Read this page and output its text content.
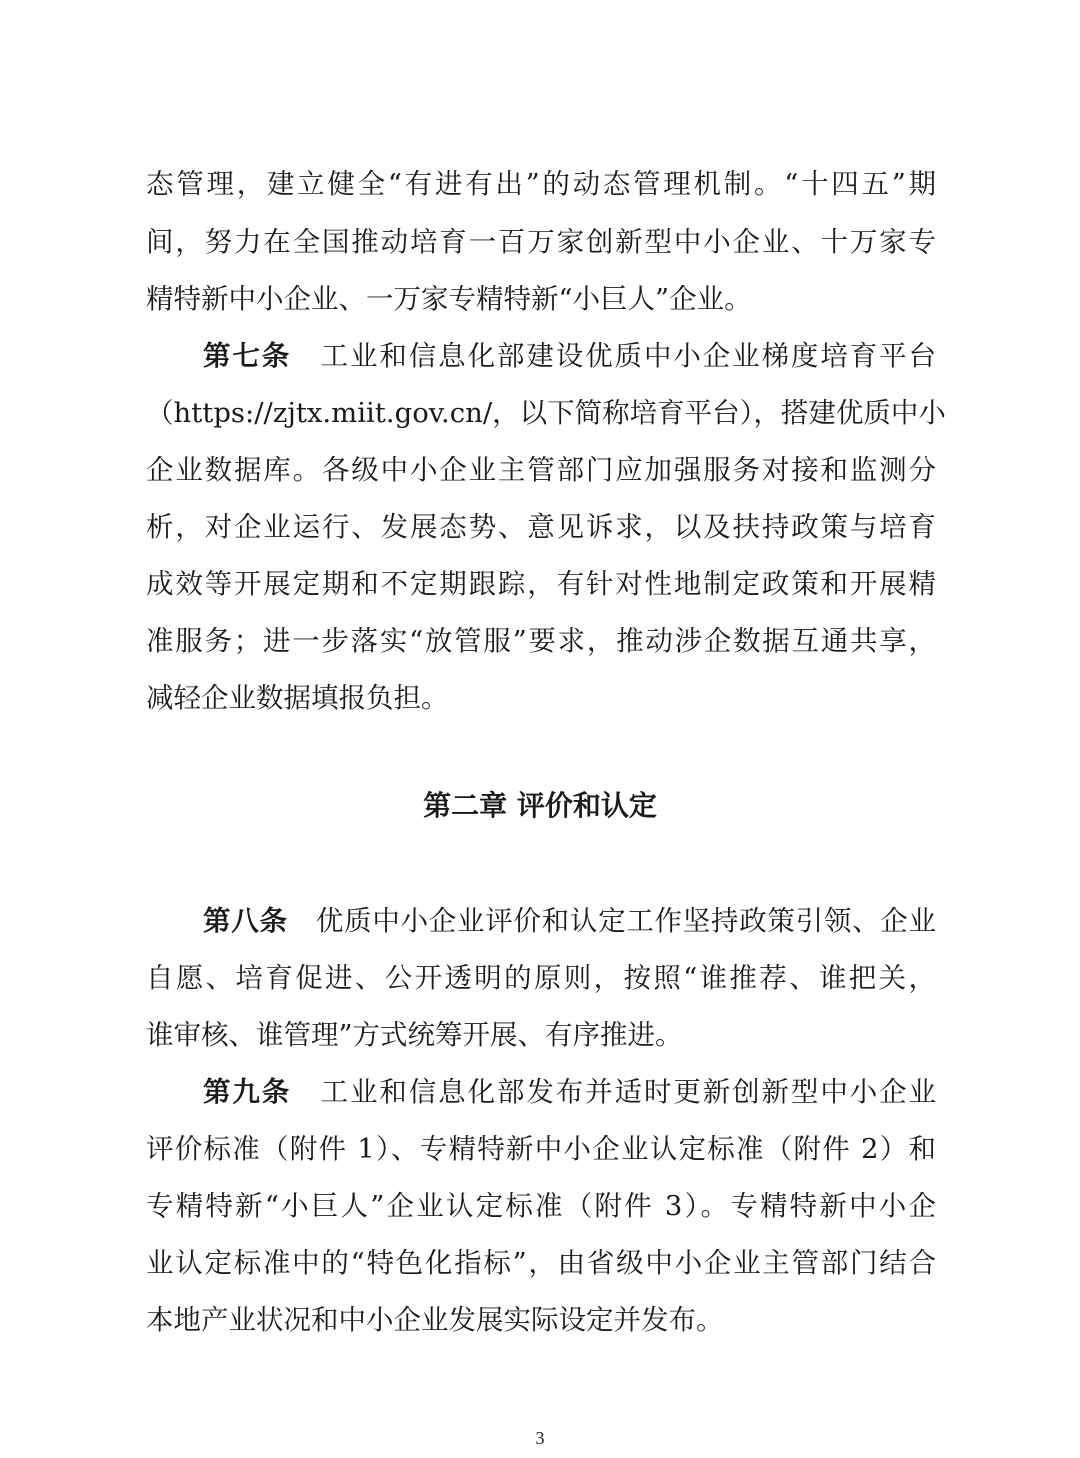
态管理，建立健全“有进有出”的动态管理机制。“十四五”期
间，努力在全国推动培育一百万家创新型中小企业、十万家专
精特新中小企业、一万家专精特新“小巨人”企业。
第七条　 工业和信息化部建设优质中小企业梯度培育平台
（https://zjtx.miit.gov.cn/，以下简称培育平台），搭建优质中小
企业数据库。各级中小企业主管部门应加强服务对接和监测分
析，对企业运行、发展态势、意见诉求，以及扶持政策与培育
成效等开展定期和不定期跟踪，有针对性地制定政策和开展精
准服务；进一步落实“放管服”要求，推动涉企数据互通共享，
减轻企业数据填报负担。
第二章 评价和认定
第八条　 优质中小企业评价和认定工作坚持政策引领、企业
自愿、培育促进、公开透明的原则，按照“谁推荐、谁把关，
谁审核、谁管理”方式统筹开展、有序推进。
第九条　 工业和信息化部发布并适时更新创新型中小企业
评价标准（附件 1）、专精特新中小企业认定标准（附件 2）和
专精特新“小巨人”企业认定标准（附件 3）。专精特新中小企
业认定标准中的“特色化指标”，由省级中小企业主管部门结合
本地产业状况和中小企业发展实际设定并发布。
3
